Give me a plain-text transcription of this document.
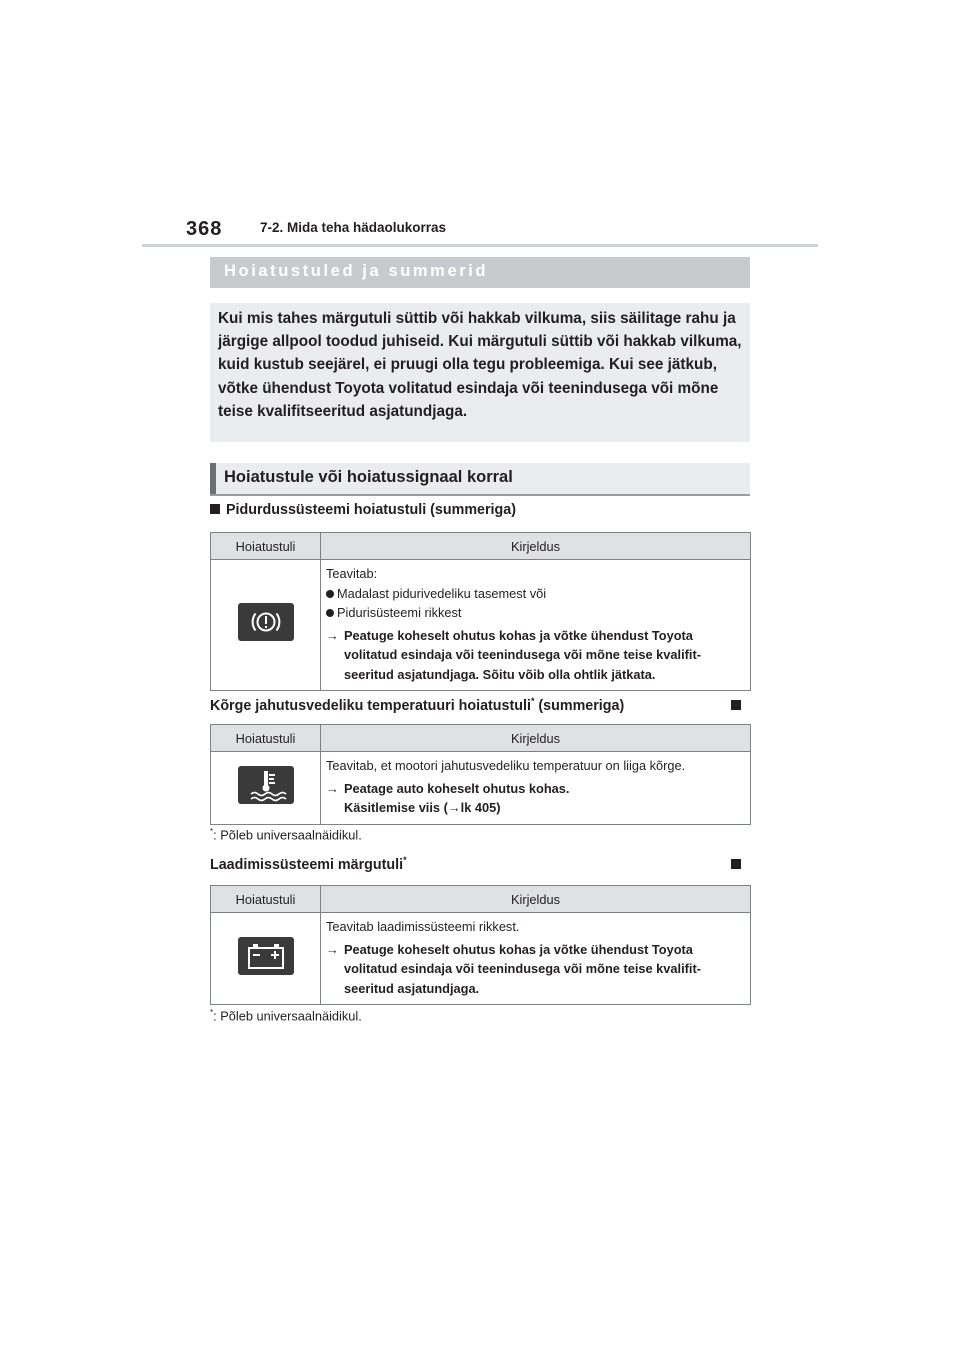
368	7-2. Mida teha hädaolukorras
Hoiatustuled ja summerid

Kui mis tahes märgutuli süttib või hakkab vilkuma, siis säilitage rahu ja järgige allpool toodud juhiseid. Kui märgutuli süttib või hakkab vilkuma, kuid kustub seejärel, ei pruugi olla tegu probleemiga. Kui see jätkub, võtke ühendust Toyota volitatud esindaja või teenindusega või mõne teise kvalifitseeritud asjatundjaga.

Hoiatustule või hoiatussignaal korral
Pidurdussüsteemi hoiatustuli (summeriga)
Hoiatustuli	Kirjeldus

Teavitab:
Madalast pidurivedeliku tasemest või
Pidurisüsteemi rikkest
→ Peatuge koheselt ohutus kohas ja võtke ühendust Toyota volitatud esindaja või teenindusega või mõne teise kvalifit-seeritud asjatundjaga. Sõitu võib olla ohtlik jätkata.
Kõrge jahutusvedeliku temperatuuri hoiatustuli* (summeriga)
Hoiatustuli	Kirjeldus

Teavitab, et mootori jahutusvedeliku temperatuur on liiga kõrge.
→ Peatage auto koheselt ohutus kohas.
Käsitlemise viis (→lk 405)
*: Põleb universaalnäidikul.
Laadimissüsteemi märgutuli*
Hoiatustuli	Kirjeldus

Teavitab laadimissüsteemi rikkest.
→ Peatuge koheselt ohutus kohas ja võtke ühendust Toyota volitatud esindaja või teenindusega või mõne teise kvalifit-seeritud asjatundjaga.
*: Põleb universaalnäidikul.
